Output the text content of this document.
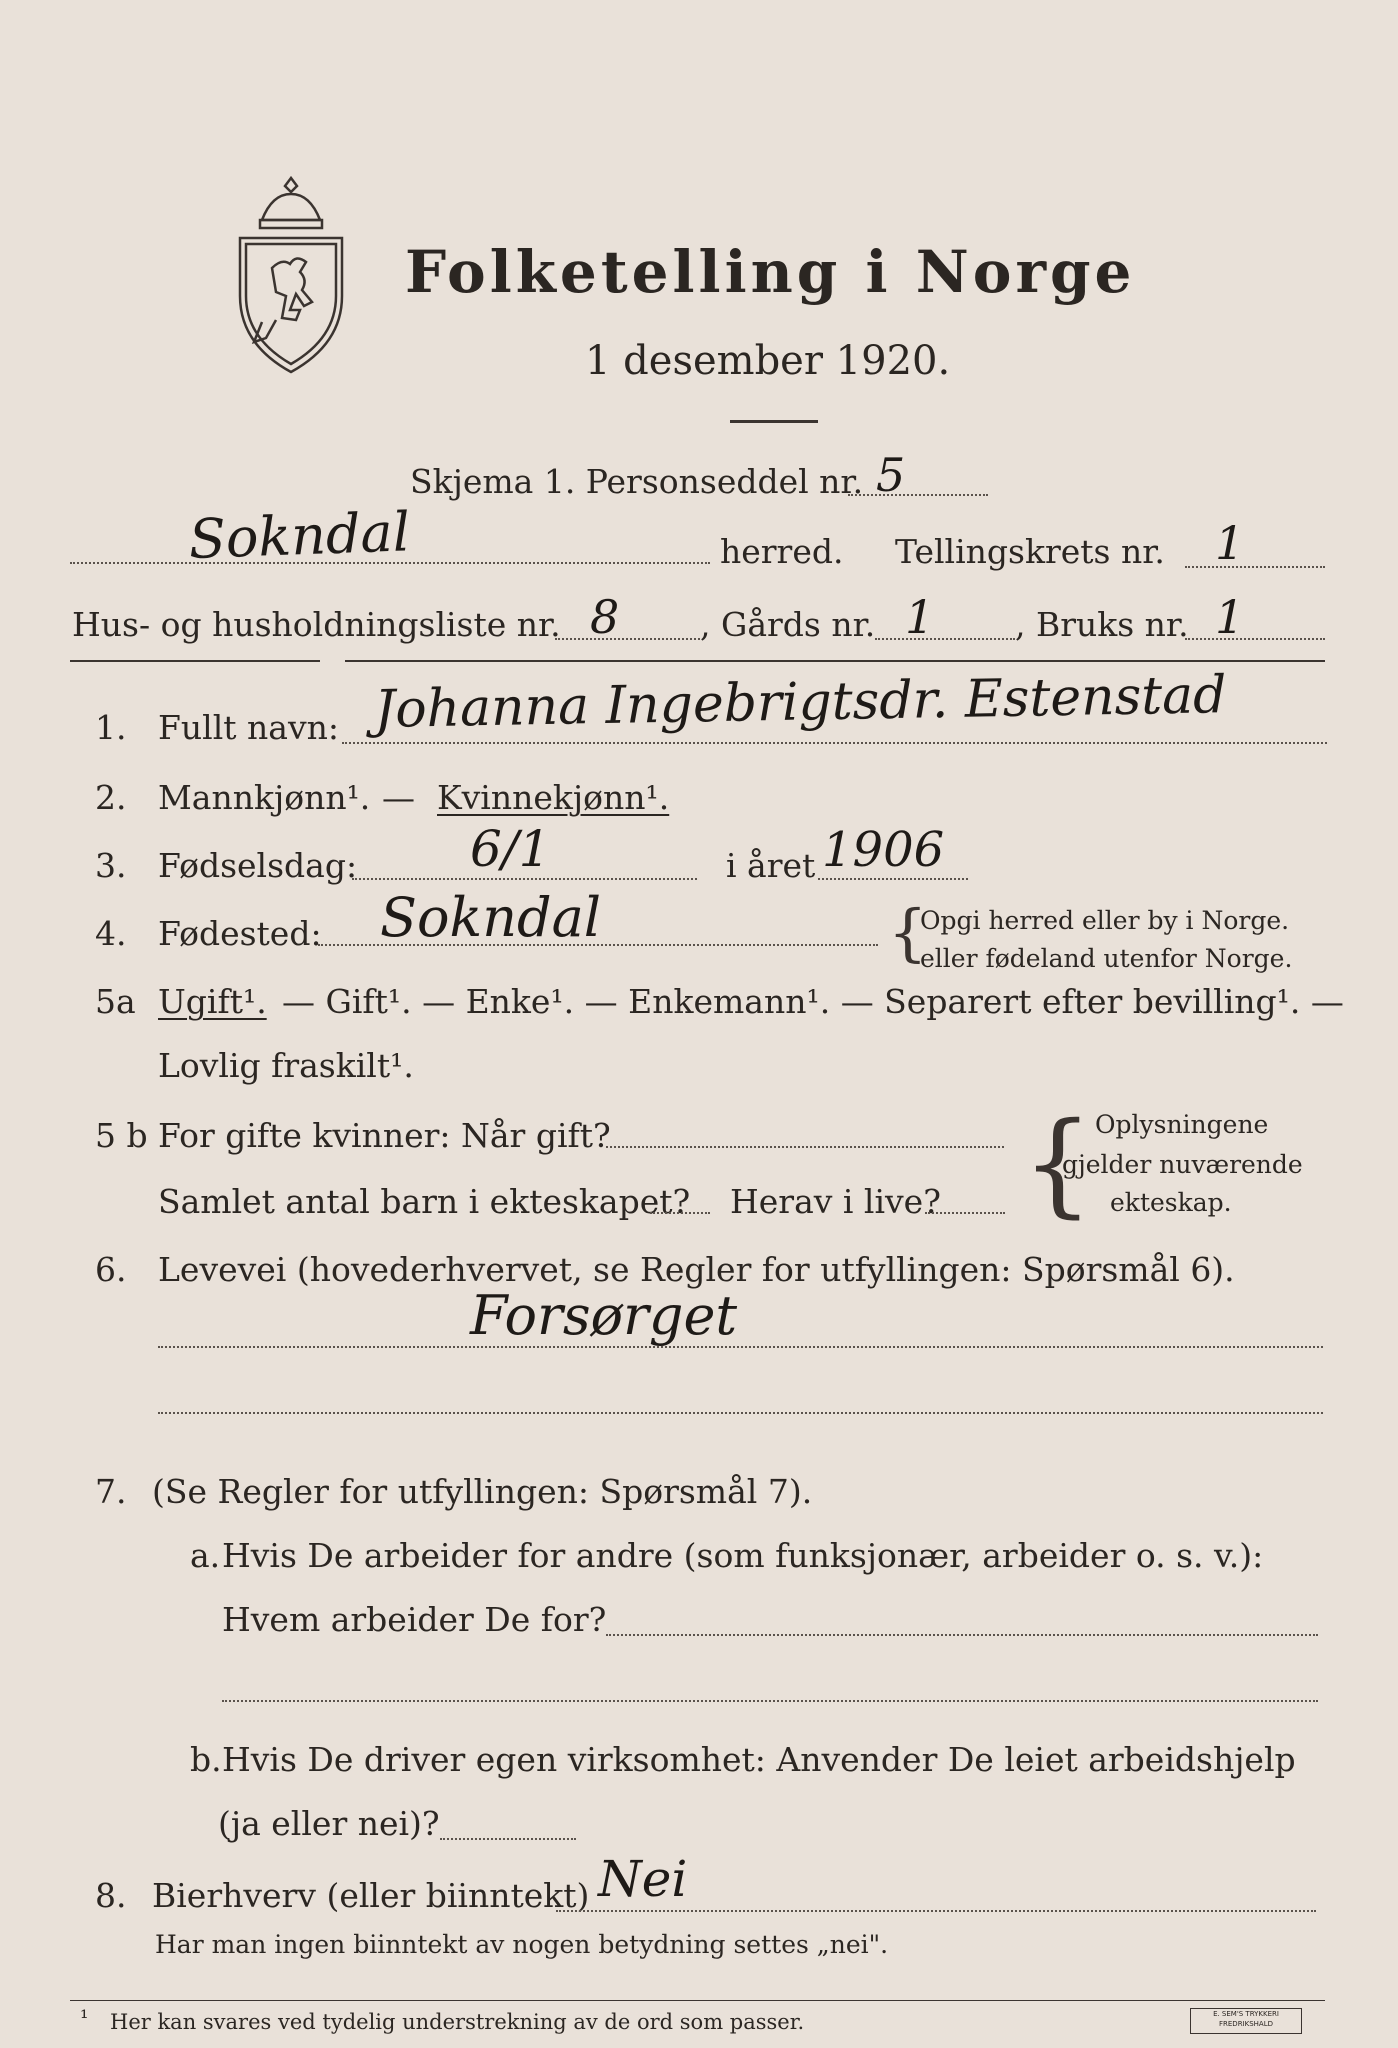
Folketelling i Norge
1 desember 1920.
Skjema 1. Personseddel nr. 5
Sokndal	herred. Tellingskrets nr. 1
Hus- og husholdningsliste nr. 8 , Gårds nr. 1 , Bruks nr. 1
1. Fullt navn: Johanna Ingebrigtsdr. Estenstad
2. Mannkjønn¹. — Kvinnekjønn¹.
3. Fødselsdag: 6/1	i året 1906
4. Fødested: Sokndal	{
Opgi herred eller by i Norge.
eller fødeland utenfor Norge.
5a Ugift¹. — Gift¹. — Enke¹. — Enkemann¹. — Separert efter bevilling¹. —
Lovlig fraskilt¹.
5 b For gifte kvinner: Når gift?
Samlet antal barn i ekteskapet? Herav i live? { Oplysningene
gjelder nuværende
ekteskap.
6. Levevei (hovederhvervet, se Regler for utfyllingen: Spørsmål 6).
Forsørget
7. (Se Regler for utfyllingen: Spørsmål 7).
a. Hvis De arbeider for andre (som funksjonær, arbeider o. s. v.):
Hvem arbeider De for?
b. Hvis De driver egen virksomhet: Anvender De leiet arbeidshjelp
(ja eller nei)?
8. Bierhverv (eller biinntekt) Nei
Har man ingen biinntekt av nogen betydning settes „nei".
¹ Her kan svares ved tydelig understrekning av de ord som passer.	E. SEM'S TRYKKERI
FREDRIKSHALD
